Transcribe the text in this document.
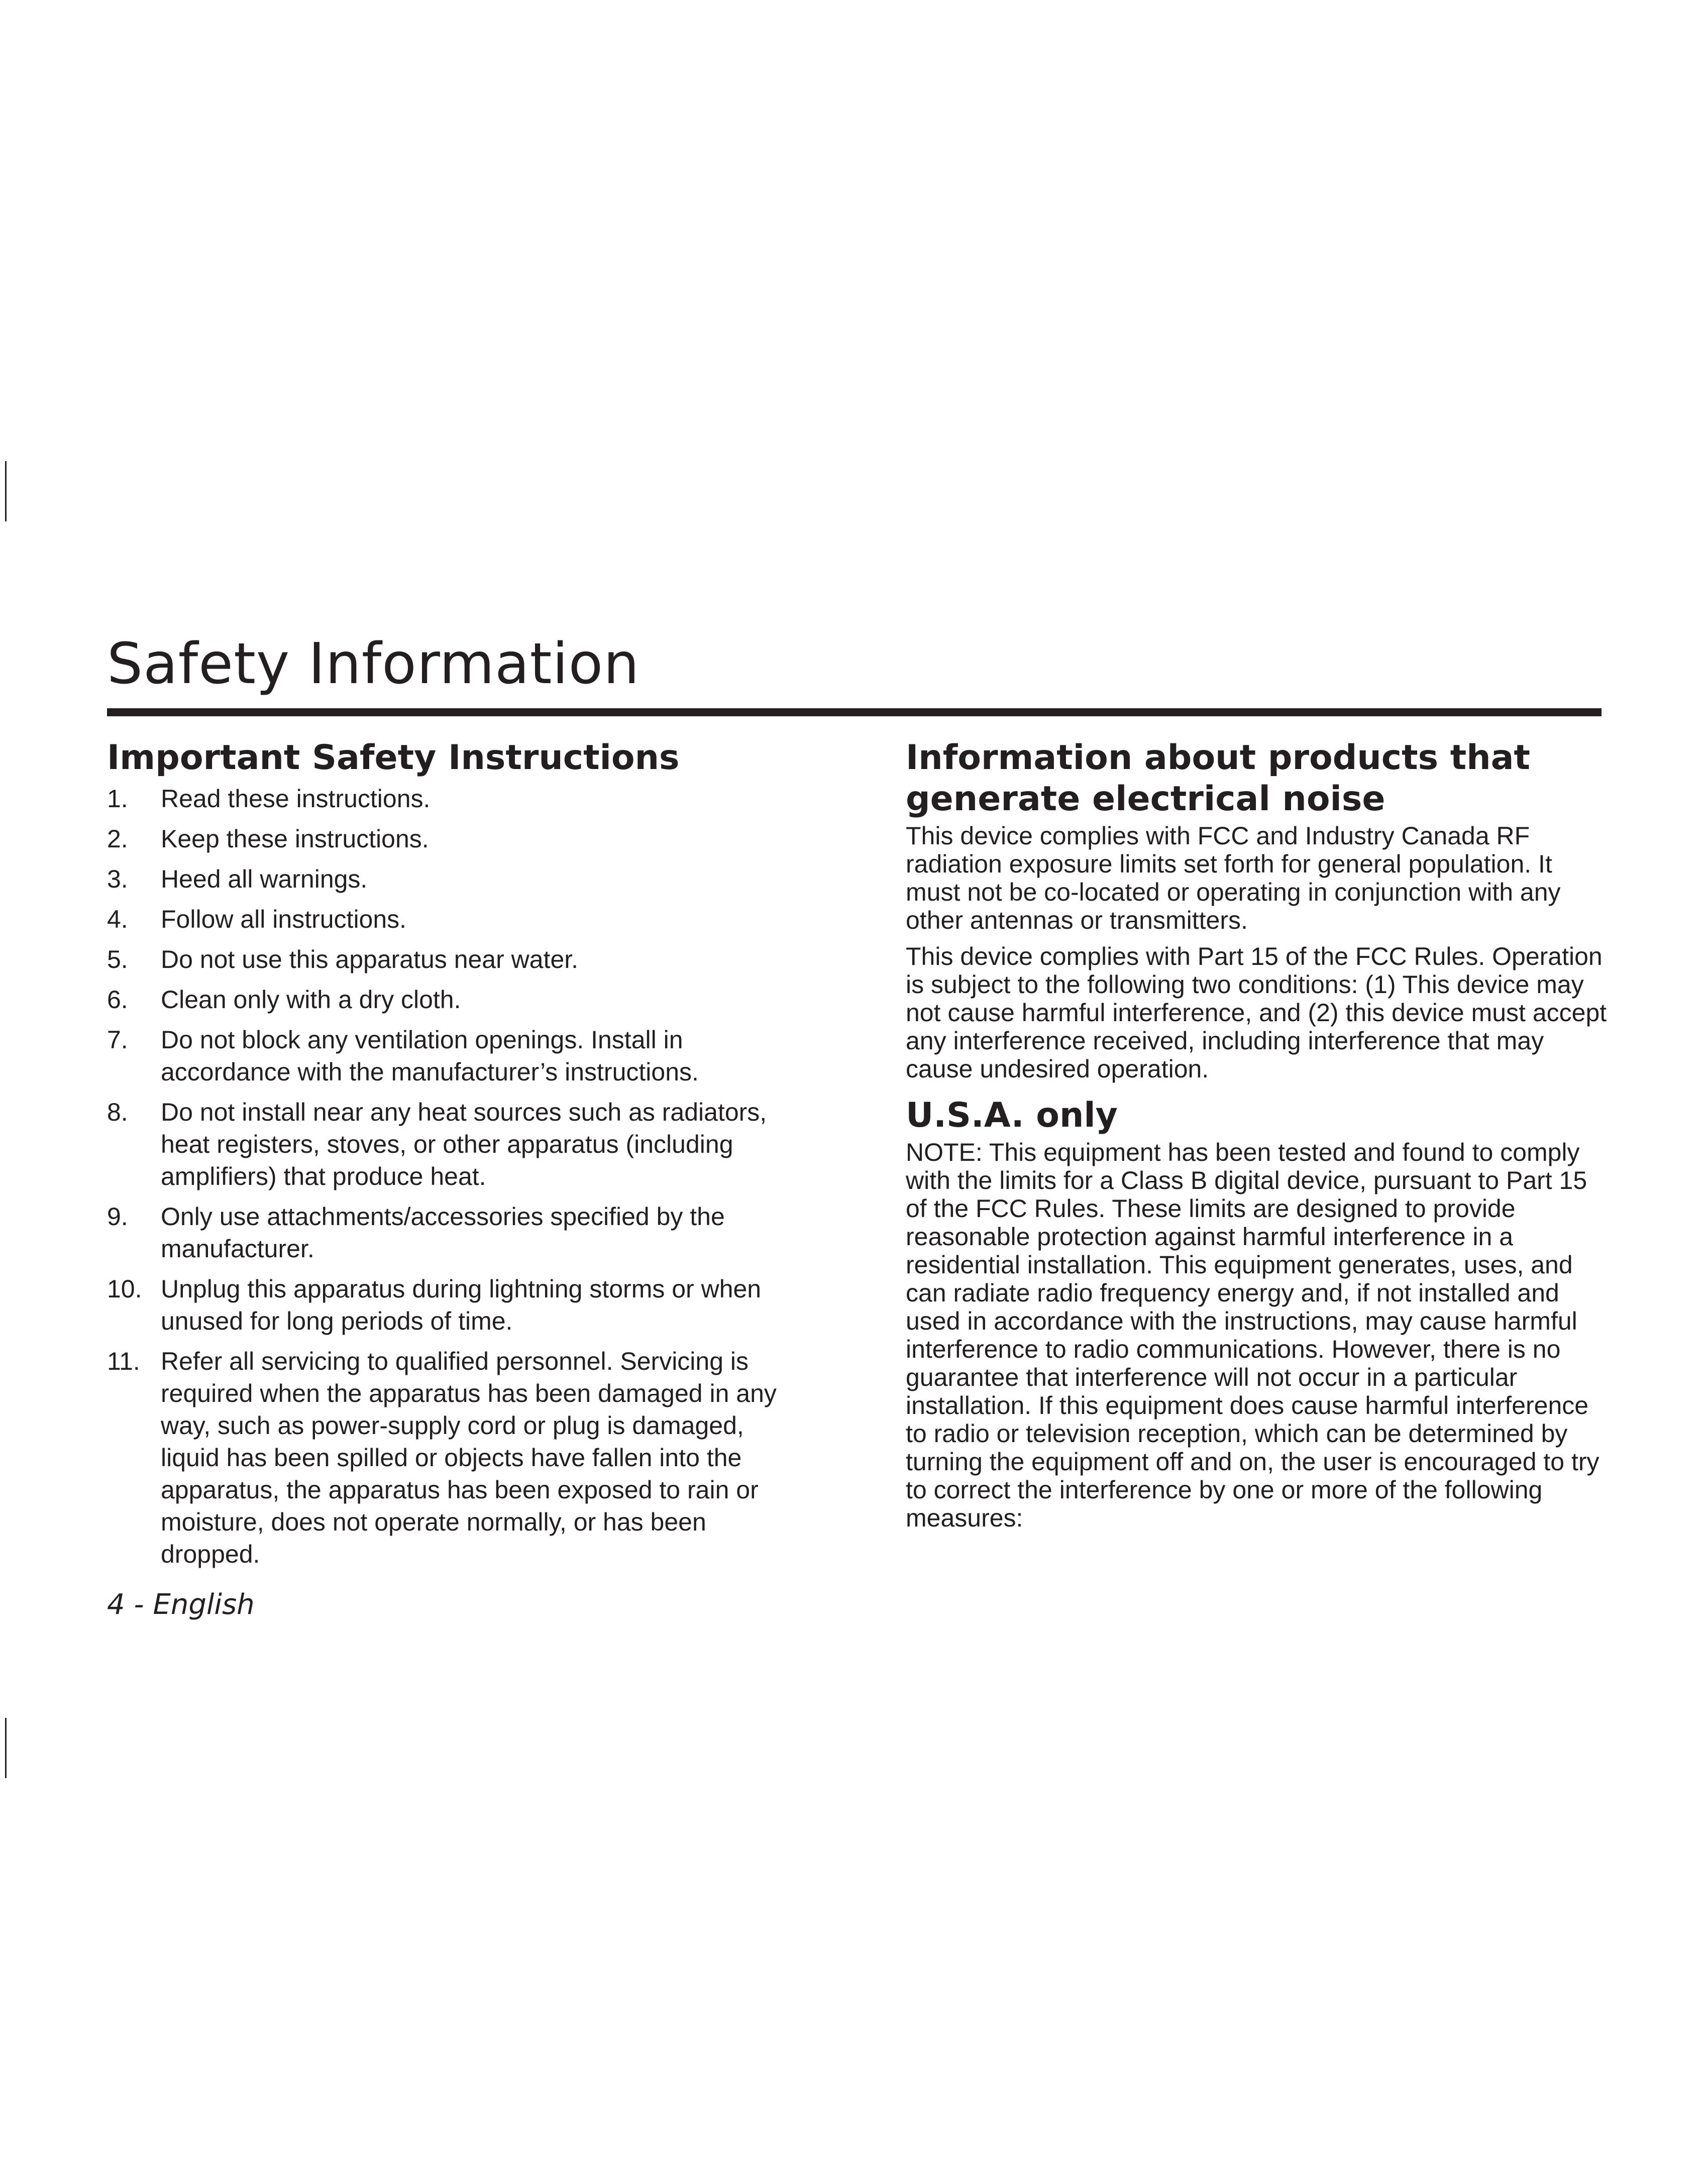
Safety Information
Important Safety Instructions
1. Read these instructions.
2. Keep these instructions.
3. Heed all warnings.
4. Follow all instructions.
5. Do not use this apparatus near water.
6. Clean only with a dry cloth.
7. Do not block any ventilation openings. Install in accordance with the manufacturer’s instructions.
8. Do not install near any heat sources such as radiators, heat registers, stoves, or other apparatus (including amplifiers) that produce heat.
9. Only use attachments/accessories specified by the manufacturer.
10. Unplug this apparatus during lightning storms or when unused for long periods of time.
11. Refer all servicing to qualified personnel. Servicing is required when the apparatus has been damaged in any way, such as power-supply cord or plug is damaged, liquid has been spilled or objects have fallen into the apparatus, the apparatus has been exposed to rain or moisture, does not operate normally, or has been dropped.
Information about products that generate electrical noise

This device complies with FCC and Industry Canada RF radiation exposure limits set forth for general population. It must not be co-located or operating in conjunction with any other antennas or transmitters.

This device complies with Part 15 of the FCC Rules. Operation is subject to the following two conditions: (1) This device may not cause harmful interference, and (2) this device must accept any interference received, including interference that may cause undesired operation.

U.S.A. only

NOTE: This equipment has been tested and found to comply with the limits for a Class B digital device, pursuant to Part 15 of the FCC Rules. These limits are designed to provide reasonable protection against harmful interference in a residential installation. This equipment generates, uses, and can radiate radio frequency energy and, if not installed and used in accordance with the instructions, may cause harmful interference to radio communications. However, there is no guarantee that interference will not occur in a particular installation. If this equipment does cause harmful interference to radio or television reception, which can be determined by turning the equipment off and on, the user is encouraged to try to correct the interference by one or more of the following measures:

4 - English
